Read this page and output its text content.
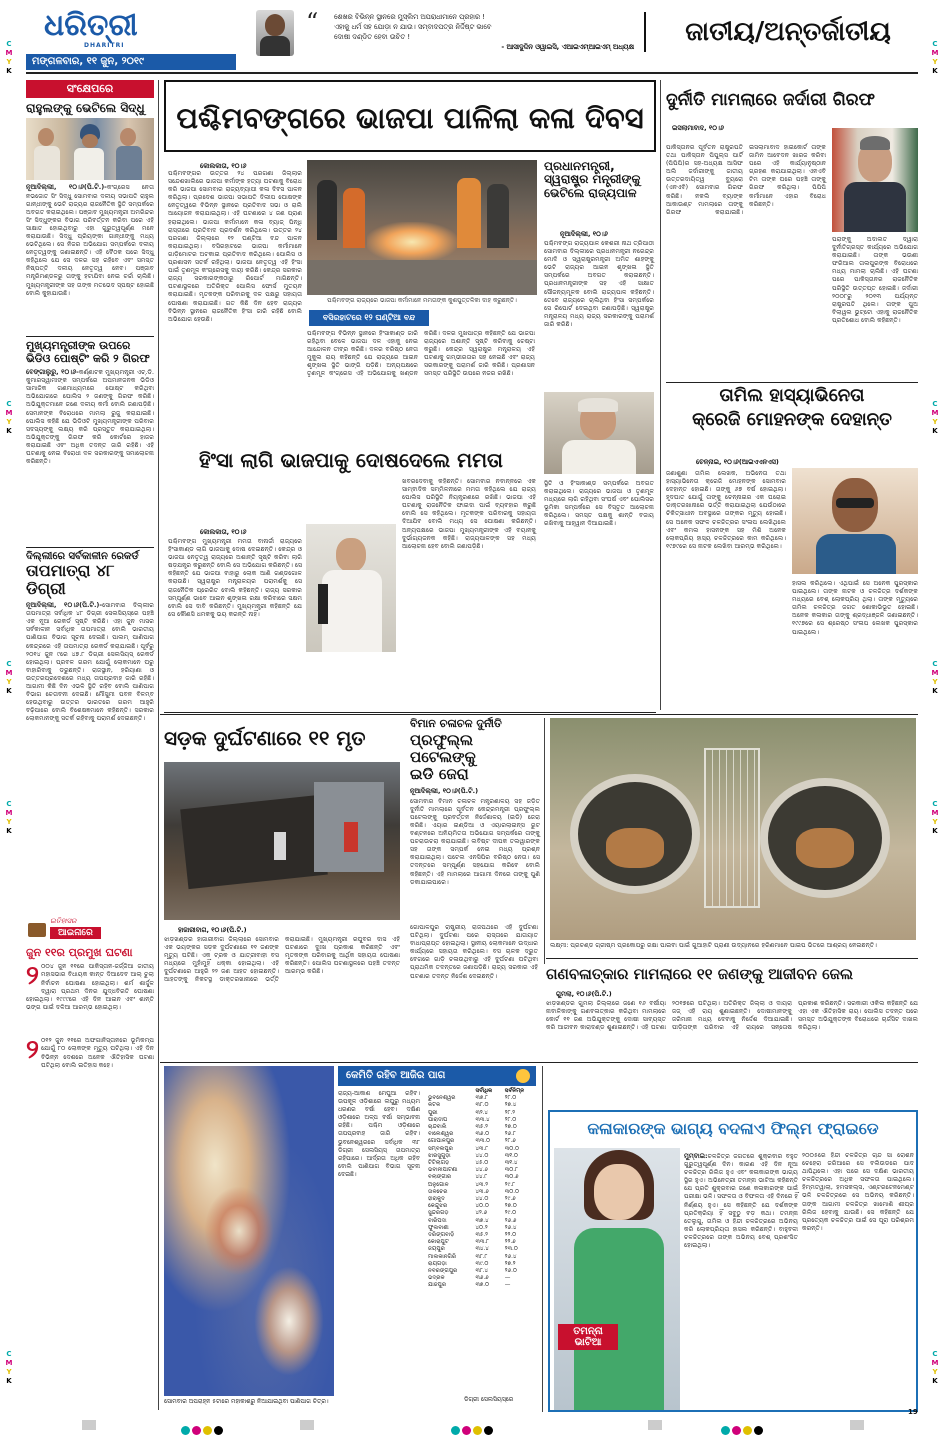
ଧରିତ୍ରୀ
DHARITRI
ମଙ୍ଗଳବାର, ୧୧ ଜୁନ, ୨୦୧୯
“ ଶେଖର ବିଭିନ୍ନ ସ୍ଥାନରେ ମୁସ୍‌ଲିମ ଅପରାଧୀମାନେ ପ୍ରହାର !
ଏହାକୁ ଧର୍ମ ସହ ଯୋଡ଼ା ନ ଯାଉ। ସମ୍ବାଦପତ୍ର ନିର୍ଦ୍ଦିଷ୍ଟ ଭାବେ
ଦୋଷୀ ଦଣ୍ଡିତ ହେବା ଉଚିତ !
- ଆସାଦୁଦ୍ଦିନ ଓୱାଇସି, ଏଆଇଏମ୍‌ଆଇଏମ୍ ଅଧ୍ୟକ୍ଷ	ଜାତୀୟ/ଅନ୍ତର୍ଜାତୀୟ
C
M
Y
K
C
M
Y
K
C
M
Y
K
C
M
Y
K
C
M
Y
K
C
M
Y
K
C
M
Y
K
C
M
Y
K
C
M
Y
K
C
M
Y
K
ସଂକ୍ଷେପରେ
ରାହୁଲଙ୍କୁ ଭେଟିଲେ ସିଦ୍ଧୁ
ନୂଆଦିଲ୍ଲୀ, ୧୦।୬(ପି.ଟି.)-କଂଗ୍ରେସ ନେତା ନଭଜୋତ ସିଂ ସିଦ୍ଧୁ ସୋମବାର ଦଳୀୟ ସଭାପତି ରାହୁଲ ଗାନ୍ଧୀଙ୍କୁ ଭେଟି ରାଜ୍ୟର ରାଜନୈତିକ ସ୍ଥିତି ସମ୍ପର୍କରେ ଅବଗତ କରାଇଥିଲେ। ପଞ୍ଜାବ ମୁଖ୍ୟମନ୍ତ୍ରୀ ଅମରିନ୍ଦର ସିଂ ସିଦ୍ଧୁଙ୍କର ବିଭାଗ ପରିବର୍ତ୍ତନ କରିବା ପରେ ଏହି ସାକ୍ଷାତ ହୋଇଥିବାରୁ ଏହା ଗୁରୁତ୍ୱପୂର୍ଣ୍ଣ ମନେ କରାଯାଉଛି। ସିଦ୍ଧୁ ପ୍ରିୟଙ୍କା ଗାନ୍ଧୀଙ୍କୁ ମଧ୍ୟ ଭେଟିଥିଲେ। ସେ ନିଜର ଅଭିଯୋଗ ସମ୍ପର୍କରେ ଦଳୀୟ ନେତୃତ୍ୱଙ୍କୁ ଜଣାଇଛନ୍ତି। ଏହି ବୈଠକ ପରେ ସିଦ୍ଧୁ କହିଥିଲେ ଯେ ସେ ଦଳର ସହ ରହିବେ ଏବଂ ସମସ୍ତ ନିଷ୍ପତ୍ତି ଦଳୀୟ ନେତୃତ୍ୱ ନେବ। ପଞ୍ଜାବ ମନ୍ତ୍ରିମଣ୍ଡଳରୁ ତାଙ୍କୁ ହଟାଯିବା ନେଇ ଚର୍ଚ୍ଚା ଚାଲିଛି। ମୁଖ୍ୟମନ୍ତ୍ରୀଙ୍କ ସହ ତାଙ୍କ ମତଭେଦ ସ୍ପଷ୍ଟ ହୋଇଛି ବୋଲି କୁହାଯାଉଛି।
ମୁଖ୍ୟମନ୍ତ୍ରୀଙ୍କ ଉପରେ ଭିଡିଓ ପୋଷ୍ଟିଂ କରି ୨ ଗିରଫ
ବେଙ୍ଗାଲୁରୁ, ୧୦।୬-କର୍ଣ୍ଣାଟକ ମୁଖ୍ୟମନ୍ତ୍ରୀ ଏଚ୍‌.ଡି. କୁମାରସ୍ୱାମୀଙ୍କ ସମ୍ପର୍କରେ ଅପମାନଜନକ ଭିଡିଓ ସାମାଜିକ ଗଣମାଧ୍ୟମରେ ପୋଷ୍ଟ କରିଥିବା ଅଭିଯୋଗରେ ପୋଲିସ ୨ ଜଣଙ୍କୁ ଗିରଫ କରିଛି। ଅଭିଯୁକ୍ତମାନେ ଜଣେ ଦଳୀୟ କର୍ମୀ ବୋଲି ଜଣାପଡ଼ିଛି। ସେମାନଙ୍କ ବିରୋଧରେ ମାମଲା ରୁଜୁ କରାଯାଇଛି। ପୋଲିସ କହିଛି ଯେ ଭିଡିଓଟି ମୁଖ୍ୟମନ୍ତ୍ରୀଙ୍କ ପରିବାର ସଦସ୍ୟଙ୍କୁ ଲକ୍ଷ୍ୟ କରି ପ୍ରସ୍ତୁତ କରାଯାଇଥିଲା। ଅଭିଯୁକ୍ତଙ୍କୁ ଗିରଫ କରି କୋର୍ଟରେ ହାଜର କରାଯାଇଛି ଏବଂ ଅଧିକ ତଦନ୍ତ ଜାରି ରହିଛି। ଏହି ଘଟଣାକୁ ନେଇ ବିରୋଧୀ ଦଳ ସରକାରଙ୍କୁ ସମାଲୋଚନା କରିଛନ୍ତି।
ଦିଲ୍ଲୀରେ ସର୍ବକାଳୀନ ରେକର୍ଡ
ତାପମାତ୍ରା ୪୮ ଡିଗ୍ରୀ
ନୂଆଦିଲ୍ଲୀ, ୧୦।୬(ପି.ଟି.)-ସୋମବାର ଦିଲ୍ଲୀର ତାପମାତ୍ରା ସର୍ବାଧିକ ୪୮ ଡିଗ୍ରୀ ସେଲସିୟସ୍‌ରେ ପହଞ୍ଚି ଏକ ନୂଆ ରେକର୍ଡ ସୃଷ୍ଟି କରିଛି। ଏହା ଜୁନ ମାସର ସର୍ବକାଳୀନ ସର୍ବାଧିକ ତାପମାତ୍ରା ବୋଲି ଭାରତୀୟ ପାଣିପାଗ ବିଭାଗ ସୂଚନା ଦେଇଛି। ପାଲମ୍ ପାଣିପାଗ କେନ୍ଦ୍ରରେ ଏହି ତାପମାତ୍ରା ରେକର୍ଡ କରାଯାଇଛି। ପୂର୍ବରୁ ୨୦୧୪ ଜୁନ ୯ରେ ୪୭.୮ ଡିଗ୍ରୀ ସେଲସିୟସ୍ ରେକର୍ଡ ହୋଇଥିଲା। ପ୍ରବଳ ଗରମ ଯୋଗୁଁ ଲୋକମାନେ ଘରୁ ବାହାରିବାକୁ ଡରୁଛନ୍ତି। ରାଜସ୍ଥାନ, ହରିୟାଣା ଓ ଉତ୍ତରପ୍ରଦେଶରେ ମଧ୍ୟ ତାପପ୍ରବାହ ଜାରି ରହିଛି। ଆଗାମୀ କିଛି ଦିନ ଏଭଳି ସ୍ଥିତି ରହିବ ବୋଲି ପାଣିପାଗ ବିଭାଗ ଚେତାବନୀ ଦେଇଛି। ମୌସୁମୀ ପବନ ବିଳମ୍ବ ହେଉଥିବାରୁ ଉତ୍ତର ଭାରତରେ ଗରମ ଆହୁରି ବଢ଼ିପାରେ ବୋଲି ବିଶେଷଜ୍ଞମାନେ କହିଛନ୍ତି। ସରକାର ଲୋକମାନଙ୍କୁ ସତର୍କ ରହିବାକୁ ପରାମର୍ଶ ଦେଇଛନ୍ତି।
ଇତିହାସର
ଆଇନାରେ
ଜୁନ ୧୧ର ପ୍ରମୁଖ ଘଟଣା
୨ ୦୦୪ ଜୁନ ୧୧ରେ ପାକିସ୍ତାନ-ଜର୍ଜ୍ଜିଆ ଜାତୀୟ ମହାସଭାର ବିଧାୟକ କାନ୍ତ ଦିଆଦେବ ଆଲ୍ ଚୁଲା ନିର୍ବାଚନ ଘୋଷଣା ହୋଇଥିଲା। ଶର୍ମ ଶାର୍ଦ୍ଦୁଳ ଦ୍ୱାରା ପ୍ରଥମ ଦିନର ଯୁଦ୍ଧବିରତି ଘୋଷଣା ହୋଇଥିଲା। ୧୯୯୯ରେ ଏହି ଦିନ ଆଇନ ଏବଂ ଶାନ୍ତି ଭଙ୍ଗ ପାଇଁ ଦଳିଆ ଆରମ୍ଭ ହୋଇଥିଲା।
୨ ୦୧୨ ଜୁନ ୧୧ରେ ଅଫଗାନିସ୍ତାନରେ ଭୂମିକମ୍ପ ଯୋଗୁଁ ୮୦ ଲୋକଙ୍କ ମୃତ୍ୟୁ ଘଟିଥିଲା। ଏହି ଦିନ ବିଭିନ୍ନ ଦେଶରେ ଅନେକ ଐତିହାସିକ ଘଟଣା ଘଟିଥିଲା ବୋଲି ଇତିହାସ କହେ।
ପଶ୍ଚିମବଙ୍ଗରେ ଭାଜପା ପାଳିଲା କଳା ଦିବସ
କୋଲକାତା, ୧୦।୬
ପଶ୍ଚିମବଙ୍ଗର ଉତ୍ତର ୨୪ ପରଗଣା ଜିଲ୍ଲାର ସନ୍ଦେଶଖାଲିରେ ଭାଜପା କର୍ମୀଙ୍କ ହତ୍ୟା ଘଟଣାକୁ ବିରୋଧ କରି ଭାଜପା ସୋମବାର ରାଜ୍ୟବ୍ୟାପୀ କଳା ଦିବସ ପାଳନ କରିଥିଲା। ପ୍ରଦେଶ ଭାଜପା ସଭାପତି ଦିଲୀପ ଘୋଷଙ୍କ ନେତୃତ୍ୱରେ ବିଭିନ୍ନ ସ୍ଥାନରେ ପ୍ରତିବାଦ ସଭା ଓ ରାଲି ଆୟୋଜନ କରାଯାଇଥିଲା। ଏହି ଘଟଣାରେ ୪ ଜଣ ପ୍ରାଣ ହରାଇଥିଲେ। ଭାଜପା କର୍ମୀମାନେ କଳା ବ୍ୟାଜ୍ ପିନ୍ଧି ରାସ୍ତାରେ ପ୍ରତିବାଦ ପ୍ରଦର୍ଶନ କରିଥିଲେ। ଉତ୍ତର ୨୪ ପରଗଣା ଜିଲ୍ଲାରେ ୧୨ ଘଣ୍ଟିଆ ବନ୍ଦ ପାଳନ କରାଯାଇଥିଲା। ବସିରହାଟରେ ଭାଜପା କର୍ମୀମାନେ ଗାଡ଼ିମୋଟର ଅଟକାଇ ପ୍ରତିବାଦ କରିଥିଲେ। ପୋଲିସ ଓ ପ୍ରଶାସନ ସତର୍କ ରହିଥିଲା। ଭାଜପା ନେତୃତ୍ୱ ଏହି ହିଂସା ପାଇଁ ତୃଣମୂଳ କଂଗ୍ରେସକୁ ଦାୟୀ କରିଛି। କେନ୍ଦ୍ର ସରକାର ରାଜ୍ୟ ସରକାରଙ୍କଠାରୁ ରିପୋର୍ଟ ମାଗିଛନ୍ତି। ଘଟଣାସ୍ଥଳରେ ଅତିରିକ୍ତ ପୋଲିସ ଫୋର୍ସ ମୁତୟନ କରାଯାଇଛି। ମୃତକଙ୍କ ପରିବାରକୁ ଦଳ ପକ୍ଷରୁ ସହାୟତା ଘୋଷଣା କରାଯାଇଛି। ଗତ କିଛି ଦିନ ହେବ ରାଜ୍ୟର ବିଭିନ୍ନ ସ୍ଥାନରେ ରାଜନୈତିକ ହିଂସା ଜାରି ରହିଛି ବୋଲି ଅଭିଯୋଗ ହେଉଛି।
ପଶ୍ଚିମବଙ୍ଗ ରାଜ୍ୟରେ ଭାଜପା କର୍ମୀମାନେ ମମତାଙ୍କ କୁଶପୁତ୍ତଳିକା ଦାହ କରୁଛନ୍ତି।
ବସିରହାଟରେ ୧୨ ଘଣ୍ଟିଆ ବନ୍ଦ
ପଶ୍ଚିମବଙ୍ଗ ବିଭିନ୍ନ ସ୍ଥାନରେ ହିଂସାକାଣ୍ଡ ଜାରି ରହିଥିବା ବେଳେ ଭାଜପା ଦଳ ଏହାକୁ ନେଇ ଆନ୍ଦୋଳନ ତୀବ୍ର କରିଛି। ଦଳର ବରିଷ୍ଠ ନେତା ମୁକୁଲ ରାୟ କହିଛନ୍ତି ଯେ ରାଜ୍ୟରେ ଆଇନ ଶୃଙ୍ଖଳା ସ୍ଥିତି ଭାଙ୍ଗି ପଡ଼ିଛି। ଅନ୍ୟପକ୍ଷରେ ତୃଣମୂଳ କଂଗ୍ରେସ ଏହି ଅଭିଯୋଗକୁ ଖଣ୍ଡନ କରିଛି। ଦଳର ମୁଖପାତ୍ର କହିଛନ୍ତି ଯେ ଭାଜପା ରାଜ୍ୟରେ ଅଶାନ୍ତି ସୃଷ୍ଟି କରିବାକୁ ଚେଷ୍ଟା କରୁଛି। କେନ୍ଦ୍ର ସ୍ୱରାଷ୍ଟ୍ର ମନ୍ତ୍ରାଳୟ ଏହି ଘଟଣାକୁ ଗମ୍ଭୀରତାର ସହ ନେଇଛି ଏବଂ ରାଜ୍ୟ ସରକାରଙ୍କୁ ପରାମର୍ଶ ଜାରି କରିଛି। ପ୍ରଶାସନ ସମସ୍ତ ପରିସ୍ଥିତି ଉପରେ ନଜର ରଖିଛି।
ପ୍ରଧାନମନ୍ତ୍ରୀ, ସ୍ୱରାଷ୍ଟ୍ର ମନ୍ତ୍ରୀଙ୍କୁ ଭେଟିଲେ ରାଜ୍ୟପାଳ
ନୂଆଦିଲ୍ଲୀ, ୧୦।୬
ପଶ୍ଚିମବଙ୍ଗ ରାଜ୍ୟପାଳ କେଶରୀ ନାଥ ତ୍ରିପାଠୀ ସୋମବାର ଦିଲ୍ଲୀରେ ପ୍ରଧାନମନ୍ତ୍ରୀ ନରେନ୍ଦ୍ର ମୋଦି ଓ ସ୍ୱରାଷ୍ଟ୍ରମନ୍ତ୍ରୀ ଅମିତ ଶାହଙ୍କୁ ଭେଟି ରାଜ୍ୟର ଆଇନ ଶୃଙ୍ଖଳା ସ୍ଥିତି ସମ୍ପର୍କରେ ଅବଗତ କରାଇଛନ୍ତି। ପ୍ରଧାନମନ୍ତ୍ରୀଙ୍କ ସହ ଏହି ସାକ୍ଷାତ ସୌଜନ୍ୟମୂଳକ ବୋଲି ରାଜ୍ୟପାଳ କହିଛନ୍ତି। ତେବେ ରାଜ୍ୟରେ ଚାଲିଥିବା ହିଂସା ସମ୍ପର୍କରେ ସେ ରିପୋର୍ଟ ଦେଇଥିବା ଜଣାପଡ଼ିଛି। ସ୍ୱରାଷ୍ଟ୍ର ମନ୍ତ୍ରାଳୟ ମଧ୍ୟ ରାଜ୍ୟ ସରକାରଙ୍କୁ ପରାମର୍ଶ ଜାରି କରିଛି।
ସ୍ଥିତି ଓ ହିଂସାକାଣ୍ଡ ସମ୍ପର୍କରେ ଅବଗତ କରାଇଥିଲେ। ରାଜ୍ୟରେ ଭାଜପା ଓ ତୃଣମୂଳ ମଧ୍ୟରେ ଲାଗି ରହିଥିବା ସଂଘର୍ଷ ଏବଂ ପୋଲିସର ଭୂମିକା ସମ୍ପର୍କରେ ସେ ବିସ୍ତୃତ ଆଲୋଚନା କରିଥିଲେ। ସମସ୍ତ ପକ୍ଷକୁ ଶାନ୍ତି ବଜାୟ ରଖିବାକୁ ଆହ୍ୱାନ ଦିଆଯାଇଛି।
ହିଂସା ଲାଗି ଭାଜପାକୁ ଦୋଷଦେଲେ ମମତା
କୋଲକାତା, ୧୦।୬
ପଶ୍ଚିମବଙ୍ଗ ମୁଖ୍ୟମନ୍ତ୍ରୀ ମମତା ବାନାର୍ଜୀ ରାଜ୍ୟରେ ହିଂସାକାଣ୍ଡ ଲାଗି ଭାଜପାକୁ ଦୋଷ ଦେଇଛନ୍ତି। କେନ୍ଦ୍ର ଓ ଭାଜପା ନେତୃତ୍ୱ ରାଜ୍ୟରେ ଅଶାନ୍ତି ସୃଷ୍ଟି କରିବା ଲାଗି ଷଡ଼ଯନ୍ତ୍ର କରୁଛନ୍ତି ବୋଲି ସେ ଅଭିଯୋଗ କରିଛନ୍ତି। ସେ କହିଛନ୍ତି ଯେ ଭାଜପା ବାହାରୁ ଲୋକ ଆଣି ଗଣ୍ଡଗୋଳ କରାଉଛି। ସ୍ୱରାଷ୍ଟ୍ର ମନ୍ତ୍ରାଳୟର ପରାମର୍ଶକୁ ସେ ରାଜନୈତିକ ପ୍ରେରିତ ବୋଲି କହିଛନ୍ତି। ରାଜ୍ୟ ସରକାର ସମ୍ପୂର୍ଣ୍ଣ ଭାବେ ଆଇନ ଶୃଙ୍ଖଳା ରକ୍ଷା କରିବାରେ ସକ୍ଷମ ବୋଲି ସେ ଦାବି କରିଛନ୍ତି। ମୁଖ୍ୟମନ୍ତ୍ରୀ କହିଛନ୍ତି ଯେ ସେ କୌଣସି ଧମକକୁ ଭୟ କରନ୍ତି ନାହିଁ।
ଖବରଦେବାକୁ କହିଛନ୍ତି। ସୋମବାର ନବାନ୍ନରେ ଏକ ସାମ୍ବାଦିକ ସମ୍ମିଳନୀରେ ମମତା କହିଥିଲେ ଯେ ରାଜ୍ୟ ପୋଲିସ ପରିସ୍ଥିତି ନିୟନ୍ତ୍ରଣରେ ରଖିଛି। ଭାଜପା ଏହି ଘଟଣାକୁ ରାଜନୈତିକ ଫାଇଦା ପାଇଁ ବ୍ୟବହାର କରୁଛି ବୋଲି ସେ କହିଥିଲେ। ମୃତକଙ୍କ ପରିବାରକୁ ସହାୟତା ଦିଆଯିବ ବୋଲି ମଧ୍ୟ ସେ ଘୋଷଣା କରିଛନ୍ତି। ଅନ୍ୟପକ୍ଷରେ ଭାଜପା ମୁଖ୍ୟମନ୍ତ୍ରୀଙ୍କ ଏହି ବୟାନକୁ ଦୁର୍ଭାଗ୍ୟଜନକ କହିଛି। ରାଜ୍ୟପାଳଙ୍କ ସହ ମଧ୍ୟ ଆଲୋଚନା ହେବ ବୋଲି ଜଣାପଡ଼ିଛି।
ଦୁର୍ନୀତି ମାମଲାରେ ଜର୍ଦାରୀ ଗିରଫ
ଇସଲାମାବାଦ, ୧୦।୬
ପାକିସ୍ତାନର ପୂର୍ବତନ ରାଷ୍ଟ୍ରପତି ତଥା ପାକିସ୍ତାନ ପିପୁଲ୍‌ସ ପାର୍ଟି (ପିପିପି)ର ସହ-ଅଧ୍ୟକ୍ଷ ଆସିଫ ଅଲି ଜର୍ଦାରୀଙ୍କୁ ଜାତୀୟ ଉତ୍ତରଦାୟିତ୍ୱ ବ୍ୟୁରୋ (ଏନଏବି) ସୋମବାର ଗିରଫ କରିଛି। ନକଲି ବ୍ୟାଙ୍କ ଆକାଉଣ୍ଟ ମାମଲାରେ ତାଙ୍କୁ ଗିରଫ କରାଯାଇଛି। ଇସଲାମାବାଦ ହାଇକୋର୍ଟ ତାଙ୍କ ଜାମିନ ଆବେଦନ ଖାରଜ କରିବା ପରେ ଏହି କାର୍ଯ୍ୟାନୁଷ୍ଠାନ ଗ୍ରହଣ କରାଯାଇଥିଲା। ଏନଏବି ଟିମ ତାଙ୍କ ଘରେ ପହଞ୍ଚି ତାଙ୍କୁ ଗିରଫ କରିଥିଲା। ପିପିପି କର୍ମୀମାନେ ଏହାର ବିରୋଧ କରିଛନ୍ତି।
ପରାଙ୍କୁ ଅଦାଲତ ଦ୍ୱାରା ଦୁର୍ନୀତିଗ୍ରସ୍ତ କାର୍ଯ୍ୟରେ ଅଭିଯୋଗ କରାଯାଇଛି। ତାଙ୍କ ଭଉଣୀ ଫରିଆଲ ତାଲପୁରଙ୍କ ବିରୋଧରେ ମଧ୍ୟ ମାମଲା ଚାଲିଛି। ଏହି ଘଟଣା ପରେ ପାକିସ୍ତାନର ରାଜନୈତିକ ପରିସ୍ଥିତି ଉତ୍ତପ୍ତ ହୋଇଛି। ଜର୍ଦାରୀ ୨୦୦୮ରୁ ୨୦୧୩ ପର୍ଯ୍ୟନ୍ତ ରାଷ୍ଟ୍ରପତି ଥିଲେ। ତାଙ୍କ ପୁଅ ବିଲାୱଲ ଭୁଟ୍ଟୋ ଏହାକୁ ରାଜନୈତିକ ପ୍ରତିଶୋଧ ବୋଲି କହିଛନ୍ତି।
ତାମିଲ ହାସ୍ୟାଭିନେତା
କ୍ରେଜି ମୋହନଙ୍କ ଦେହାନ୍ତ
ଚେନ୍ନାଇ, ୧୦।୬(ଆଇଏଏନଏସ)
ଜଣାଶୁଣା ତାମିଲ ଲେଖକ, ଅଭିନେତା ତଥା ହାସ୍ୟାଭିନେତା କ୍ରେଜି ମୋହନଙ୍କ ସୋମବାର ଦେହାନ୍ତ ହୋଇଛି। ତାଙ୍କୁ ୬୭ ବର୍ଷ ହୋଇଥିଲା। ହୃଦଘାତ ଯୋଗୁଁ ତାଙ୍କୁ ଚେନ୍ନାଇର ଏକ ଘରୋଇ ଡାକ୍ତରଖାନାରେ ଭର୍ତ୍ତି କରାଯାଇଥିଲା ଯେଉଁଠାରେ ଚିକିତ୍ସାଧୀନ ଅବସ୍ଥାରେ ତାଙ୍କର ମୃତ୍ୟୁ ହୋଇଛି। ସେ ଅନେକ ସଫଳ ଚଳଚ୍ଚିତ୍ରର ସଂଳାପ ଲେଖିଥିଲେ ଏବଂ କମଲ ହାସନଙ୍କ ସହ ମିଶି ଅନେକ ଲୋକପ୍ରିୟ ହାସ୍ୟ ଚଳଚ୍ଚିତ୍ରରେ କାମ କରିଥିଲେ। ୧୯୭୯ରେ ସେ ନାଟକ ଲେଖିବା ଆରମ୍ଭ କରିଥିଲେ।
ହାସଲ କରିଥିଲେ। ଏଥିପାଇଁ ସେ ଅନେକ ପୁରସ୍କାର ପାଇଥିଲେ। ତାଙ୍କ ନାଟକ ଓ ଚଳଚ୍ଚିତ୍ର ଦର୍ଶକଙ୍କ ମଧ୍ୟରେ ବେଶ୍ ଲୋକପ୍ରିୟ ଥିଲା। ତାଙ୍କ ମୃତ୍ୟୁରେ ତାମିଲ ଚଳଚ୍ଚିତ୍ର ଜଗତ ଶୋକାଭିଭୂତ ହୋଇଛି। ଅନେକ କଳାକାର ତାଙ୍କୁ ଶ୍ରଦ୍ଧାଞ୍ଜଳି ଜଣାଇଛନ୍ତି। ୧୯୯୭ରେ ସେ ଶ୍ରେଷ୍ଠ ସଂଳାପ ଲେଖକ ପୁରସ୍କାର ପାଇଥିଲେ।
ସଡ଼କ ଦୁର୍ଘଟଣାରେ ୧୧ ମୃତ
ହାଜାରୀବାଗ, ୧୦।୬(ପି.ଟି.)
ଝାଡ଼ଖଣ୍ଡର ହାଜାରୀବାଗ ଜିଲ୍ଲାରେ ସୋମବାର ଏକ ଭୟଙ୍କର ସଡ଼କ ଦୁର୍ଘଟଣାରେ ୧୧ ଜଣଙ୍କ ମୃତ୍ୟୁ ଘଟିଛି। ଏକ ଟ୍ରକ ଓ ଯାତ୍ରୀବାହୀ ବସ ମଧ୍ୟରେ ମୁହାଁମୁହିଁ ଧକ୍କା ହୋଇଥିଲା। ଏହି ଦୁର୍ଘଟଣାରେ ଆହୁରି ୨୨ ଜଣ ଆହତ ହୋଇଛନ୍ତି। ଆହତଙ୍କୁ ନିକଟସ୍ଥ ଡାକ୍ତରଖାନାରେ ଭର୍ତ୍ତି କରାଯାଇଛି। ମୁଖ୍ୟମନ୍ତ୍ରୀ ରଘୁବର ଦାସ ଏହି ଘଟଣାରେ ଦୁଃଖ ପ୍ରକାଶ କରିଛନ୍ତି ଏବଂ ମୃତକଙ୍କ ପରିବାରକୁ ଆର୍ଥିକ ସହାୟତା ଘୋଷଣା କରିଛନ୍ତି। ପୋଲିସ ଘଟଣାସ୍ଥଳରେ ପହଞ୍ଚି ତଦନ୍ତ ଆରମ୍ଭ କରିଛି।
ଗୋପାଳପୁର ରାଷ୍ଟ୍ରୀୟ ରାଜପଥରେ ଏହି ଦୁର୍ଘଟଣା ଘଟିଥିଲା। ଦୁର୍ଘଟଣା ପରେ ରାସ୍ତାରେ ଯାତାୟାତ ବାଧାପ୍ରାପ୍ତ ହୋଇଥିଲା। ସ୍ଥାନୀୟ ଲୋକମାନେ ଉଦ୍ଧାର କାର୍ଯ୍ୟରେ ସହାୟତା କରିଥିଲେ। ବସ ଚାଳକ ଦ୍ରୁତ ବେଗରେ ଗାଡ଼ି ଚଳାଉଥିବାରୁ ଏହି ଦୁର୍ଘଟଣା ଘଟିଥିବା ପ୍ରାଥମିକ ତଦନ୍ତରେ ଜଣାପଡ଼ିଛି। ରାଜ୍ୟ ସରକାର ଏହି ଘଟଣାର ତଦନ୍ତ ନିର୍ଦ୍ଦେଶ ଦେଇଛନ୍ତି।
ବିମାନ ଚଳାଚଳ ଦୁର୍ନୀତି
ପ୍ରଫୁଲ୍ଲ ପଟେଲଙ୍କୁ
ଇଡି ଜେରା
ନୂଆଦିଲ୍ଲୀ, ୧୦।୬(ପି.ଟି.)
ସୋମବାର ବିମାନ ଚଳାଚଳ ମନ୍ତ୍ରଣାଳୟ ସହ ଜଡ଼ିତ ଦୁର୍ନୀତି ମାମଲାରେ ପୂର୍ବତନ କେନ୍ଦ୍ରମନ୍ତ୍ରୀ ପ୍ରଫୁଲ୍ଲ ପଟେଲଙ୍କୁ ପ୍ରବର୍ତ୍ତନ ନିର୍ଦ୍ଦେଶାଳୟ (ଇଡି) ଜେରା କରିଛି। ଏୟାର ଇଣ୍ଡିଆ ଓ ଏୟାରଲାଇନ୍ସ ରୁଟ ବଣ୍ଟନରେ ଅନିୟମିତତା ଅଭିଯୋଗ ସମ୍ପର୍କରେ ତାଙ୍କୁ ପଚରାଉଚରା କରାଯାଇଛି। ଲବିଷ୍ଟ ଦୀପକ ତଲୱାରଙ୍କ ସହ ତାଙ୍କ ସମ୍ପର୍କ ନେଇ ମଧ୍ୟ ପ୍ରଶ୍ନ କରାଯାଇଥିଲା। ପଟେଲ ଏନସିପିର ବରିଷ୍ଠ ନେତା। ସେ ତଦନ୍ତରେ ସମ୍ପୂର୍ଣ୍ଣ ସହଯୋଗ କରିବେ ବୋଲି କହିଛନ୍ତି। ଏହି ମାମଲାରେ ଆଗାମୀ ଦିନରେ ତାଙ୍କୁ ପୁଣି ଡକାଯାଇପାରେ।
ଲକ୍ଷ୍ମୀ: ପ୍ରଚଣ୍ଡ ଗ୍ରୀଷ୍ମ ପ୍ରକୋପରୁ ରକ୍ଷା ପାଇବା ପାଇଁ ଗୁଆହାଟି ପ୍ରାଣୀ ଉଦ୍ୟାନରେ ହରିଣମାନେ ପାଇପ ଭିତରେ ଆଶ୍ରୟ ନେଇଛନ୍ତି।
ଗଣବଳାତ୍କାର ମାମଲାରେ ୧୧ ଜଣଙ୍କୁ ଆଜୀବନ ଜେଲ
ଗୁମଲା, ୧୦।୬(ପି.ଟି.)
ଝାଡ଼ଖଣ୍ଡର ଗୁମଲା ଜିଲ୍ଲାରେ ଜଣେ ୧୬ ବର୍ଷୀୟା ନାବାଳିକାଙ୍କୁ ଗଣବଳାତ୍କାର କରିଥିବା ମାମଲାରେ କୋର୍ଟ ୧୧ ଜଣ ଅଭିଯୁକ୍ତଙ୍କୁ ଦୋଷୀ ସାବ୍ୟସ୍ତ କରି ଆଜୀବନ କାରାଦଣ୍ଡ ଶୁଣାଇଛନ୍ତି। ଏହି ଘଟଣା ୨୦୧୭ରେ ଘଟିଥିଲା। ଅତିରିକ୍ତ ଜିଲ୍ଲା ଓ ଦାୟରା ଜଜ୍ ଏହି ରାୟ ଶୁଣାଇଛନ୍ତି। ଦୋଷୀମାନଙ୍କୁ ଜରିମାନା ମଧ୍ୟ ଦେବାକୁ ନିର୍ଦ୍ଦେଶ ଦିଆଯାଇଛି। ପୀଡ଼ିତାଙ୍କ ପରିବାର ଏହି ରାୟରେ ସନ୍ତୋଷ ପ୍ରକାଶ କରିଛନ୍ତି। ସରକାରୀ ଓକିଲ କହିଛନ୍ତି ଯେ ଏହା ଏକ ଐତିହାସିକ ରାୟ। ପୋଲିସ ତଦନ୍ତ ପରେ ସମସ୍ତ ଅଭିଯୁକ୍ତଙ୍କ ବିରୋଧରେ ଚାର୍ଜସିଟ ଦାଖଲ କରିଥିଲା।
ସୋମବାର ଅପରାହ୍ନ ୫ଟାରେ ମହାକାଶରୁ ନିଆଯାଇଥିବା ପାଣିପାଗ ଚିତ୍ର।
କେମିତି ରହିବ ଆଜିର ପାଗ
ରାଜ୍ୟ-ଆକାଶ ମେଘୁଆ ରହିବ। ଉପକୂଳ ଓଡ଼ିଶାରେ ଲଘୁରୁ ମଧ୍ୟମ ଧରଣର ବର୍ଷା ହେବ। ଦକ୍ଷିଣ ଓଡ଼ିଶାରେ ଅଳ୍ପ ବର୍ଷା ସମ୍ଭାବନା ରହିଛି। ପଶ୍ଚିମ ଓଡ଼ିଶାରେ ତାପପ୍ରବାହ ଜାରି ରହିବ। ଭୁବନେଶ୍ୱରରେ ସର୍ବାଧିକ ୩୮ ଡିଗ୍ରୀ ସେଲସିୟସ୍ ତାପମାତ୍ରା ରହିପାରେ। ଆର୍ଦ୍ରତା ଅଧିକ ରହିବ ବୋଲି ପାଣିପାଗ ବିଭାଗ ସୂଚନା ଦେଇଛି।
	ସର୍ବାଧିକ	ସର୍ବନିମ୍ନ
ଭୁବନେଶ୍ୱର	୩୭.୮	୨୮.୦
କଟକ	୩୮.୦	୨୭.୪
ପୁରୀ	୩୨.୪	୨୮.୨
ପାରାଦୀପ	୩୩.୪	୨୮.୦
ଚାନ୍ଦବାଲି	୩୫.୨	୨୭.୦
ବାଲେଶ୍ୱର	୩୬.୦	୨୬.୮
ଗୋପାଳପୁର	୩୩.୦	୨୮.୬
ସମ୍ବଲପୁର	୪୩.୮	୩୦.୦
ଝାରସୁଗୁଡ଼ା	୪୪.୦	୩୧.୦
ଟିଟିଲାଗଡ଼	୪୫.୦	୩୧.୪
ଭବାନୀପାଟଣା	୪୪.୬	୩୦.୮
ବଲାଙ୍ଗୀର	୪୪.୮	୩୦.୬
ଅନୁଗୋଳ	୪୩.୨	୨୯.୮
ତାଳଚେର	୪୩.୬	୩୦.୦
ହୀରାକୁଦ	୪୪.୦	୨୯.୬
କେନ୍ଦୁଝର	୪୦.୦	୨୭.୦
ସୁନ୍ଦରଗଡ଼	୪୨.୬	୨୯.୦
ବାରିପଦା	୩୭.୪	୨୬.୬
ଫୁଲବାଣୀ	୪୦.୨	୨୬.୪
ଦରିଙ୍ଗବାଡ଼ି	୩୫.୨	୨୨.୦
କୋରାପୁଟ	୩୩.୮	୨୨.୬
ଜୟପୁର	୩୪.୪	୨୩.୦
ମାଲକାନଗିରି	୩୮.୮	୨୬.୪
ରାୟଗଡ଼ା	୩୯.୦	୨୭.୨
ନବରଙ୍ଗପୁର	୩୮.୪	୨୬.୦
ଭଦ୍ରକ	୩୬.୬	—
ଯାଜପୁର	୩୭.୦	—
ଡିଗ୍ରୀ ସେଲସିୟସ୍‌ରେ
କଳାକାରଙ୍କ ଭାଗ୍ୟ ବଦଳାଏ ଫିଲ୍ମ ଫ୍ରାଇଡେ
ତମନ୍ନା
ଭାଟିଆ
ମୁମ୍ବାଇ:ଚଳଚ୍ଚିତ୍ର ଜଗତରେ ଶୁକ୍ରବାର ବହୁତ ଗୁରୁତ୍ୱପୂର୍ଣ୍ଣ ଦିନ। କାରଣ ଏହି ଦିନ ନୂଆ ଚଳଚ୍ଚିତ୍ର ରିଲିଜ ହୁଏ ଏବଂ କଳାକାରଙ୍କ ଭାଗ୍ୟ ସ୍ଥିର ହୁଏ। ଅଭିନେତ୍ରୀ ତମନ୍ନା ଭାଟିଆ କହିଛନ୍ତି ଯେ ପ୍ରତି ଶୁକ୍ରବାର ଜଣେ କଳାକାରଙ୍କ ପାଇଁ ପରୀକ୍ଷା ଭଳି। ସଫଳତା ଓ ବିଫଳତା ଏହି ଦିନରେ ହିଁ ନିର୍ଣ୍ଣୟ ହୁଏ। ସେ କହିଛନ୍ତି ଯେ ଦର୍ଶକଙ୍କ ପ୍ରତିକ୍ରିୟା ହିଁ ସବୁଠୁ ବଡ଼ କଥା। ତମନ୍ନା ତେଲୁଗୁ, ତାମିଲ ଓ ହିନ୍ଦୀ ଚଳଚ୍ଚିତ୍ରରେ ଅଭିନୟ କରି ଲୋକପ୍ରିୟତା ହାସଲ କରିଛନ୍ତି। ବାହୁବଳୀ ଚଳଚ୍ଚିତ୍ରରେ ତାଙ୍କ ଅଭିନୟ ବେଶ୍ ପ୍ରଶଂସିତ ହୋଇଥିଲା।
୨୦୦୫ରେ ହିନ୍ଦୀ ଚଳଚ୍ଚିତ୍ର ଚାନ୍ଦ ସା ରୋଶନ ଚେହେରା ଜରିଆରେ ସେ ବଲିଉଡରେ ପାଦ ଥାପିଥିଲେ। ଏହା ପରେ ସେ ଦକ୍ଷିଣ ଭାରତୀୟ ଚଳଚ୍ଚିତ୍ରରେ ଅଧିକ ସଫଳତା ପାଇଥିଲେ। ହିମ୍ମତୱାଲା, ହମସକଲ୍ସ, ଏଣ୍ଟରଟେନମେଣ୍ଟ ଭଳି ଚଳଚ୍ଚିତ୍ରରେ ସେ ଅଭିନୟ କରିଛନ୍ତି। ତାଙ୍କ ଆଗାମୀ ଚଳଚ୍ଚିତ୍ର ଖାମୋଶି ଶୀଘ୍ର ରିଲିଜ ହେବାକୁ ଯାଉଛି। ସେ କହିଛନ୍ତି ଯେ ପ୍ରତ୍ୟେକ ଚଳଚ୍ଚିତ୍ର ପାଇଁ ସେ ପୂରା ପରିଶ୍ରମ କରନ୍ତି।
19
